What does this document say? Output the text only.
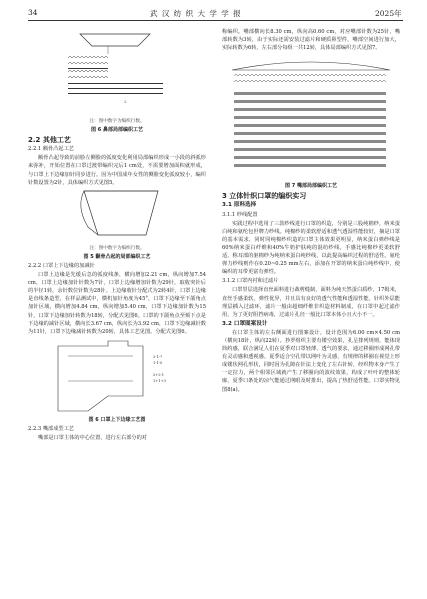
34	武 汉 纺 织 大 学 学 报	2025年
2
注：图中数字为编织行数。
图 6 鼻部局部编织工艺
2.2 其他工艺
2.2.1 额骨凸起工艺

额骨凸起导致的前脸左侧脸的弧度变化利用局部编织形成一小段的斜弧形来弥补，开始位置在口罩过渡带编织完后1 cm处，不需要增加面积就形成，与口罩上下边缘加针同步进行。因为中国成年女性的侧脸变化弧度较小，编织针数设置为2针，具体编织方式见图5。

注：图中数字为编织行数。
图 5 颧骨凸起的局部编织工艺
2.2.2 口罩上下边缘的加减针

口罩上边缘是先缓后急的弧度线条，横向增加2.21 cm，纵向增加7.54 cm，口罩上边缘加针针数为7针，口罩上边缘增加针数为29针，取收突针后的半径1转，余针数位针数为28针。上边缘收针分配式为2转4针，口罩上边缘是直线条造型，在样品测试中，横机加针角度为45°，口罩下边缘至下颌角点加针区域，横向增加4.84 cm，纵向增加5.40 cm，口罩下边缘加针数为15针，口罩下边缘加针转数为18转，分配式见图6。口罩的下颌角点至颏下点是下边缘的减针区域，横向长3.67 cm，纵向长为3.92 cm，口罩下边缘减针数为11针，口罩下边缘减针转数为20转，具体工艺见图。分配式见图6。

2-1-7
1-1-0
2+2-1
1+1+3
图 6 口罩上下边缘工艺图
2.2.3 嘴部成型工艺

嘴部是口罩主体的中心位置，进行左右部分的对

称编织。嘴部横向长8.30 cm，纵向高0.60 cm，对应嘴部针数为25针，嘴部转数为3转，由于实际还需安装过滤片和硬质鼻型件，嘴部空间进行加大，实际转数为6转，左右部分每组一共12转，具体局部编织方式见图7。

图 7 嘴部局部编织工艺
3 立体针织口罩的编织实习
3.1 原料选择
3.1.1 纱线配置

实践过程中选用了三款纱线进行口罩的织造，分别是三股纯棉纱，纳米蛋白纯和氨纶包世牌力纱线。纯棉纱的柔软舒适和透气透湿性能较好，摘是口罩的基本需求，同时同纯棉纱织造的口罩主体效果更明显，纳米蛋白弹纱线是60%纳米蛋白纤维和40%牛奶护肤纯的混纺纱线，手感比纯棉纱更柔软舒适，称耳部的驱棉纱为纯纳米蛋白纯纱线，以此提高编织过程的舒适性。氨纶弹力纱线则作在0.20~0.25 mm左右，添加在开罩的纳米蛋白纯纱线中，使编织的耳带更富有弹性。

3.1.2 口罩内衬和过滤片

口罩里层选择直丝面料进行裁剪缝制，面料为纯天然蛋白质纱，17姆米，直丝手感柔软，弹性优异，并且具有良好的透气性能和透湿性能。针织外层能理层插入过滤环，滤片一般由超细纤维非织造材料制成，在口罩中起过滤作用，为了更好阻挡病毒，过滤片孔径一般比口罩本体小且大小不一。

3.2 口罩图案设计

在口罩主体的左右侧面进行图案设计，设计范围为6.00 cm×4.50 cm（横向18针，纵向22转）。抄罗组织主要有镂空效果，孔呈排列规则，能体现简约感，联合满足人们在夏季对口罩轻薄、透气的要求，通过移圈形成网孔带有灵动感和透视感。夏季适合空孔带以网叶为灵感，有规律的移圈在视觉上形成镂状网孔形状，同时因为孔隙在针法上变化了左右针转，经织物本身产生了一定拉力，两个相邻区域就产生了移圈向的波纹效果，构成了叶叶的整体轮廓，夏季口条处的凉气能通过网眼及时排出，提高了热舒适性能。口罩实物见图8(a)。
